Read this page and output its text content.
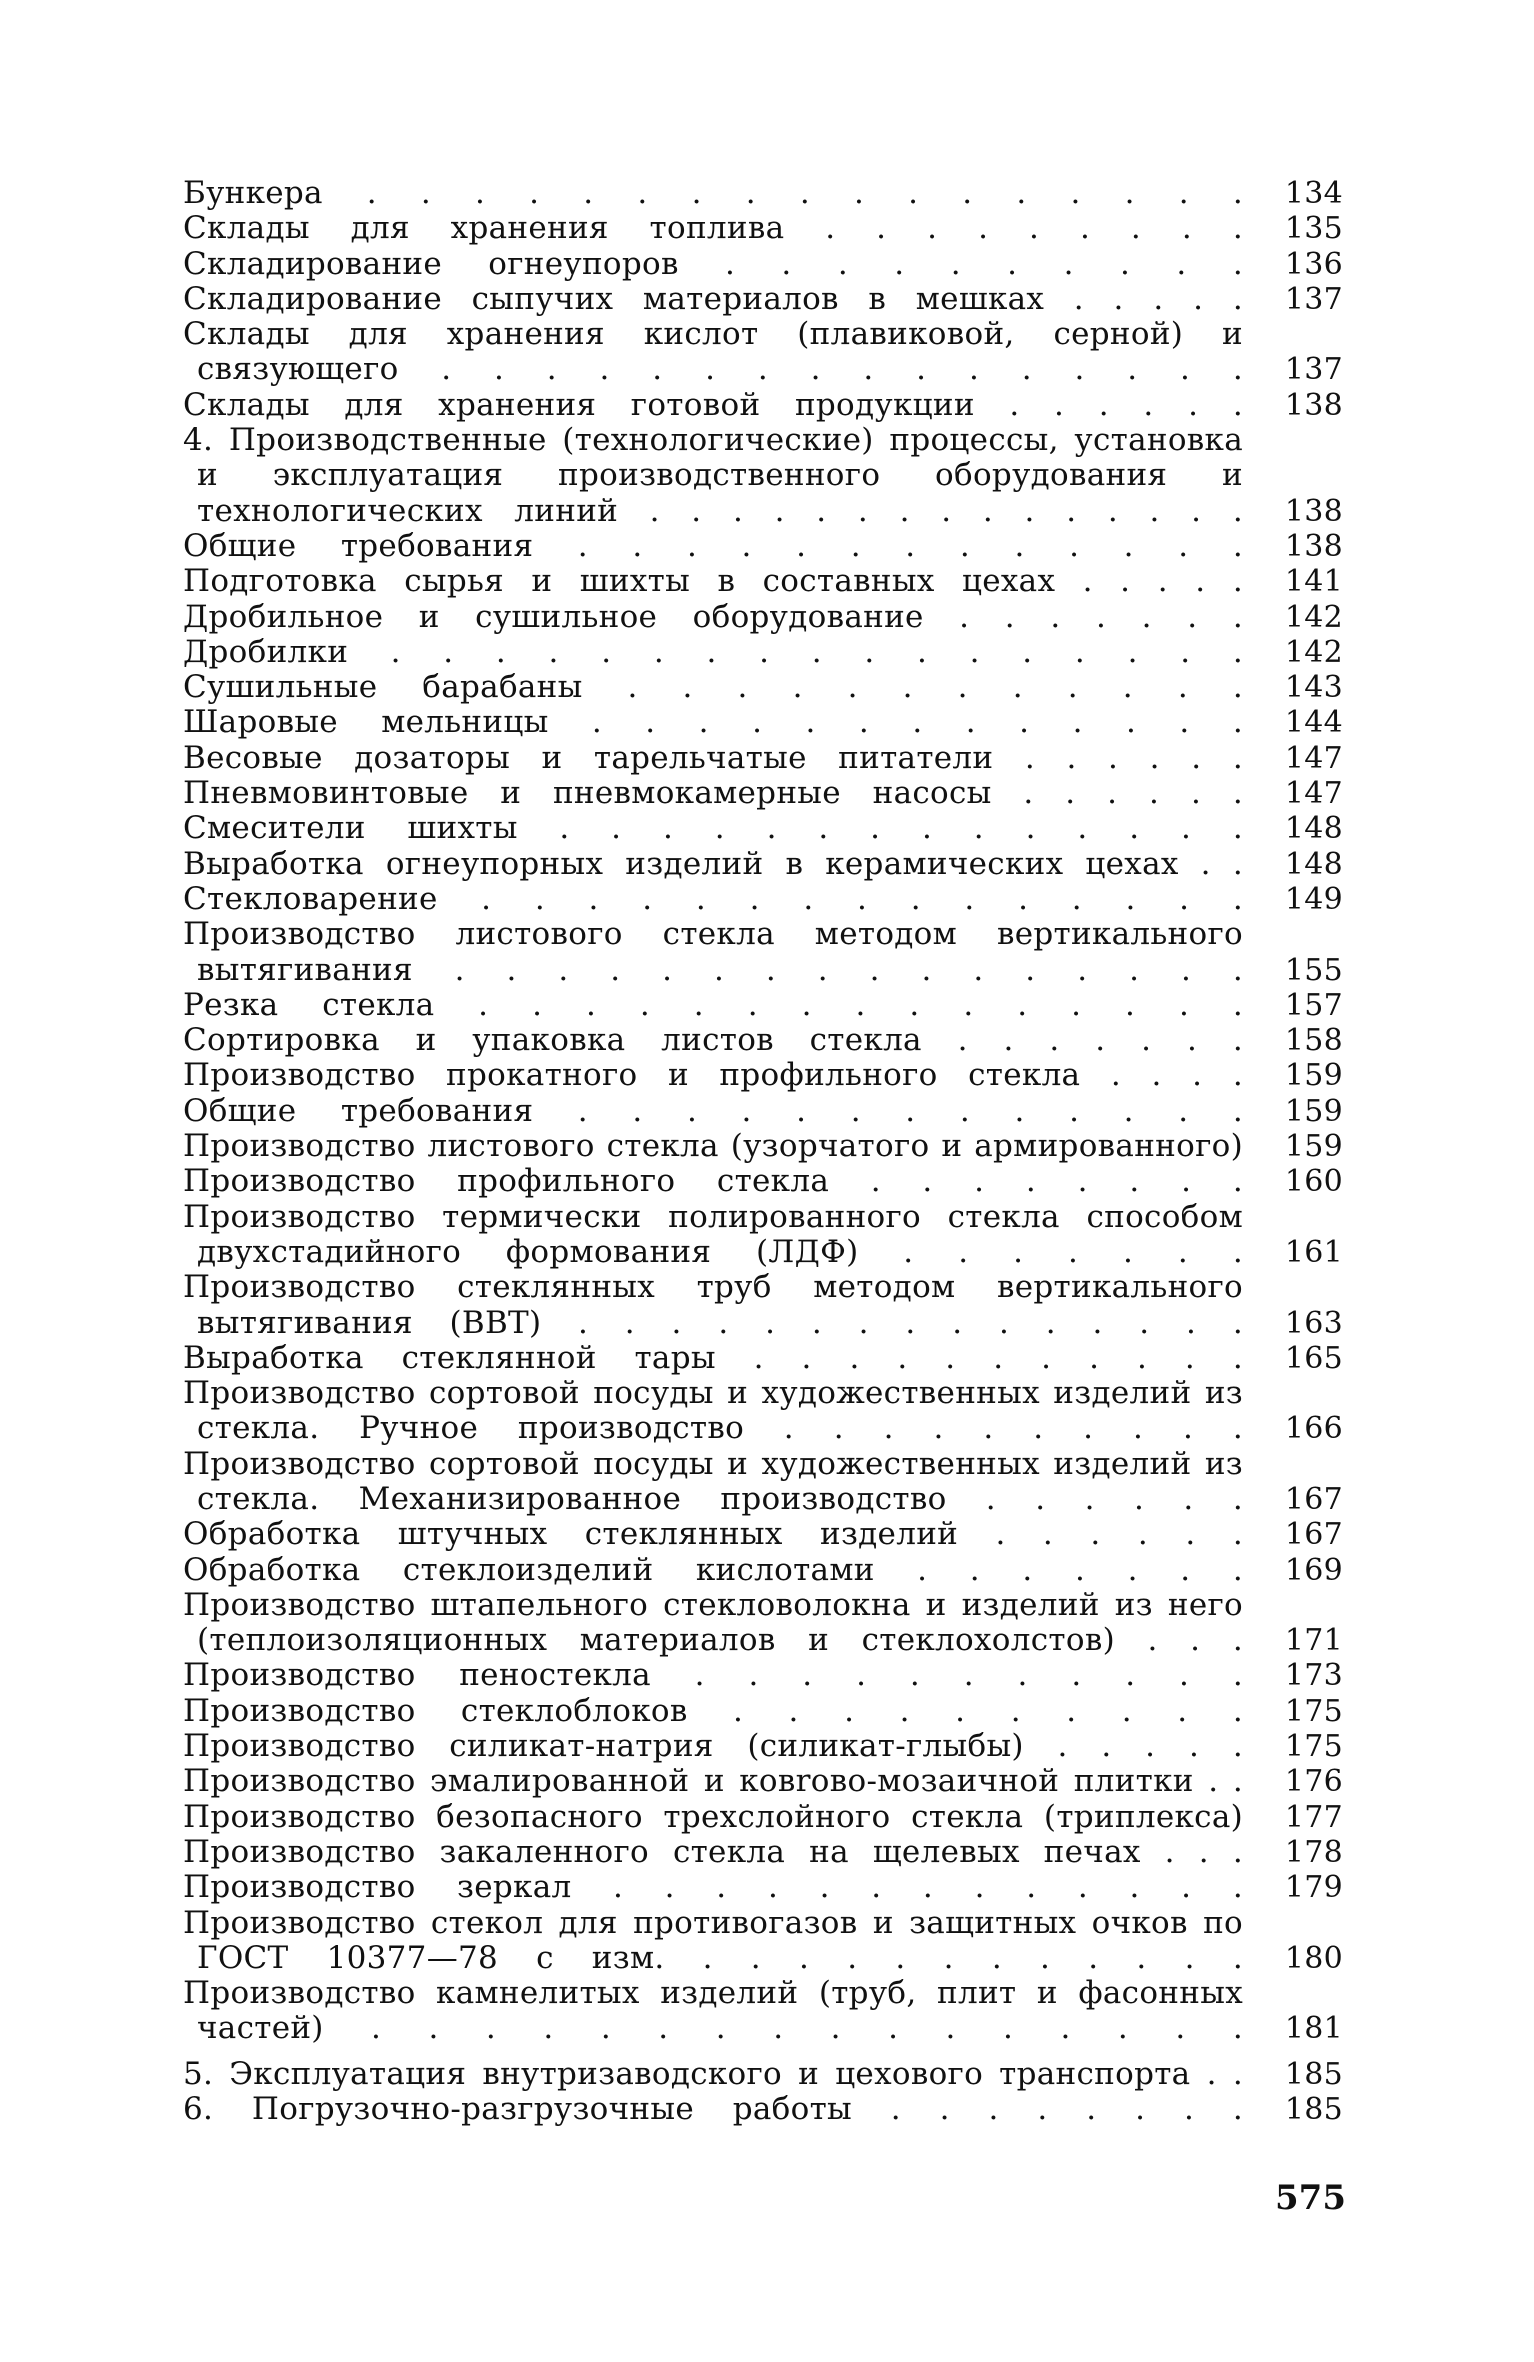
Бункера . . . . . . . . . . . . . . . . .	134
Склады для хранения топлива . . . . . . . . .	135
Складирование огнеупоров . . . . . . . . . .	136
Складирование сыпучих материалов в мешках . . . . .	137
Склады для хранения кислот (плавиковой, серной) и связующего . . . . . . . . . . . . . . . .	137
Склады для хранения готовой продукции . . . . . .	138
4. Производственные (технологические) процессы, установка и эксплуатация производственного оборудования и технологических линий . . . . . . . . . . . . . . .	138
Общие требования . . . . . . . . . . . . .	138
Подготовка сырья и шихты в составных цехах . . . . .	141
Дробильное и сушильное оборудование . . . . . . .	142
Дробилки . . . . . . . . . . . . . . . . .	142
Сушильные барабаны . . . . . . . . . . . .	143
Шаровые мельницы . . . . . . . . . . . . .	144
Весовые дозаторы и тарельчатые питатели . . . . . .	147
Пневмовинтовые и пневмокамерные насосы . . . . . .	147
Смесители шихты . . . . . . . . . . . . . .	148
Выработка огнеупорных изделий в керамических цехах . .	148
Стекловарение . . . . . . . . . . . . . . .	149
Производство листового стекла методом вертикального вытягивания . . . . . . . . . . . . . . . .	155
Резка стекла . . . . . . . . . . . . . . .	157
Сортировка и упаковка листов стекла . . . . . . .	158
Производство прокатного и профильного стекла . . . .	159
Общие требования . . . . . . . . . . . . .	159
Производство листового стекла (узорчатого и армированного)	159
Производство профильного стекла . . . . . . . .	160
Производство термически полированного стекла способом двухстадийного формования (ЛДФ) . . . . . . .	161
Производство стеклянных труб методом вертикального вытягивания (ВВТ) . . . . . . . . . . . . . . .	163
Выработка стеклянной тары . . . . . . . . . . .	165
Производство сортовой посуды и художественных изделий из стекла. Ручное производство . . . . . . . . . .	166
Производство сортовой посуды и художественных изделий из стекла. Механизированное производство . . . . . .	167
Обработка штучных стеклянных изделий . . . . . .	167
Обработка стеклоизделий кислотами . . . . . . .	169
Производство штапельного стекловолокна и изделий из него (теплоизоляционных материалов и стеклохолстов) . . .	171
Производство пеностекла . . . . . . . . . . .	173
Производство стеклоблоков . . . . . . . . . .	175
Производство силикат-натрия (силикат-глыбы) . . . . .	175
Производство эмалированной и ковrово-мозаичной плитки . .	176
Производство безопасного трехслойного стекла (триплекса)	177
Производство закаленного стекла на щелевых печах . . .	178
Производство зеркал . . . . . . . . . . . . .	179
Производство стекол для противогазов и защитных очков по ГОСТ 10377—78 с изм. . . . . . . . . . . . .	180
Производство камнелитых изделий (труб, плит и фасонных частей) . . . . . . . . . . . . . . . .	181
5. Эксплуатация внутризаводского и цехового транспорта . .	185
6. Погрузочно-разгрузочные работы . . . . . . . .	185
575
